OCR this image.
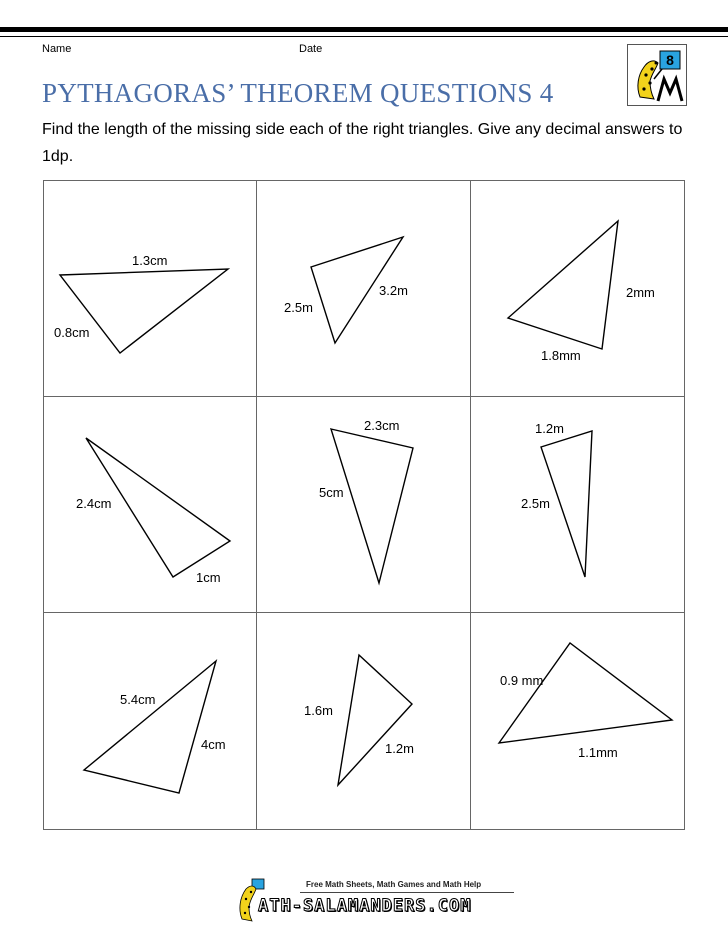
Name	Date
8
PYTHAGORAS’ THEOREM QUESTIONS 4
Find the length of the missing side each of the right triangles. Give any decimal answers to 1dp.
1.3cm
0.8cm
3.2m
2.5m
2mm
1.8mm
2.4cm
1cm
2.3cm
5cm
1.2m
2.5m
5.4cm
4cm
1.6m
1.2m
0.9 mm
1.1mm
Free Math Sheets, Math Games and Math Help
ATH-SALAMANDERS.COM
